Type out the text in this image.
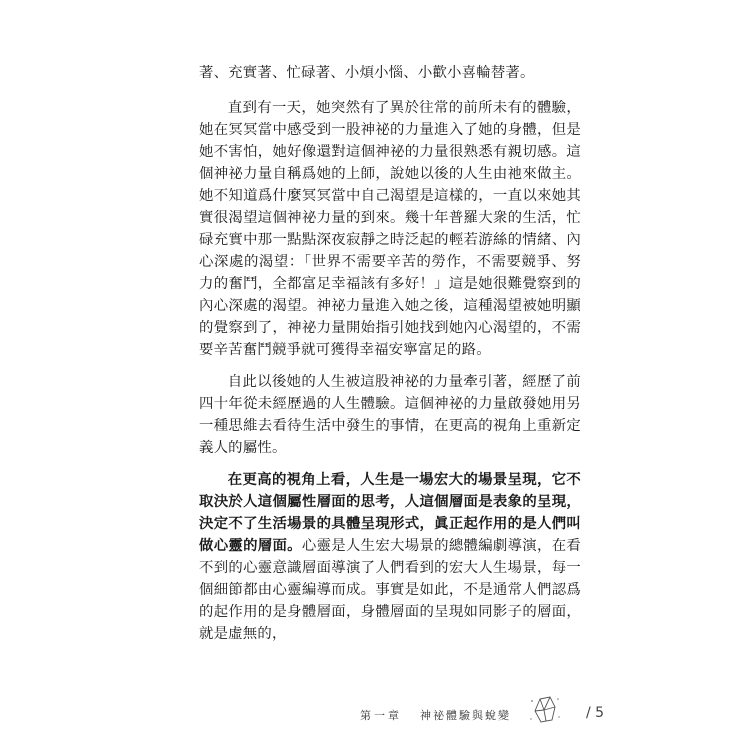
著、充實著、忙碌著、小煩小惱、小歡小喜輪替著。

直到有一天，她突然有了異於往常的前所未有的體驗，她在冥冥當中感受到一股神祕的力量進入了她的身體，但是她不害怕，她好像還對這個神祕的力量很熟悉有親切感。這個神祕力量自稱爲她的上師，說她以後的人生由祂來做主。她不知道爲什麼冥冥當中自己渴望是這樣的，一直以來她其實很渴望這個神祕力量的到來。幾十年普羅大衆的生活，忙碌充實中那一點點深夜寂靜之時泛起的輕若游絲的情緒、內心深處的渴望：「世界不需要辛苦的勞作，不需要競爭、努力的奮鬥，全都富足幸福該有多好！」這是她很難覺察到的內心深處的渴望。神祕力量進入她之後，這種渴望被她明顯的覺察到了，神祕力量開始指引她找到她內心渴望的，不需要辛苦奮鬥競爭就可獲得幸福安寧富足的路。

自此以後她的人生被這股神祕的力量牽引著，經歷了前四十年從未經歷過的人生體驗。這個神祕的力量啟發她用另一種思維去看待生活中發生的事情，在更高的視角上重新定義人的屬性。

在更高的視角上看，人生是一場宏大的場景呈現，它不取決於人這個屬性層面的思考，人這個層面是表象的呈現，決定不了生活場景的具體呈現形式，眞正起作用的是人們叫做心靈的層面。心靈是人生宏大場景的總體編劇導演，在看不到的心靈意識層面導演了人們看到的宏大人生場景，每一個細節都由心靈編導而成。事實是如此，不是通常人們認爲的起作用的是身體層面，身體層面的呈現如同影子的層面，就是虛無的，

第一章 神祕體驗與蛻變	/ 5
